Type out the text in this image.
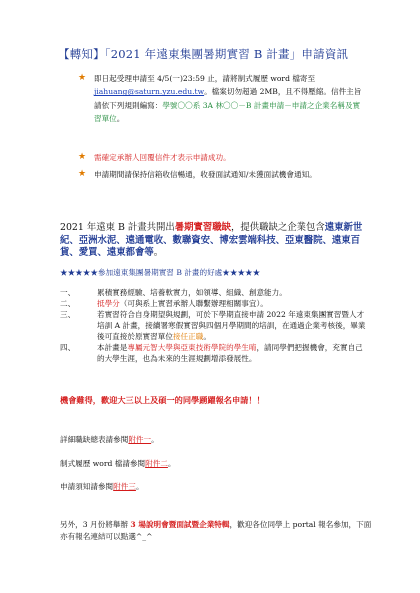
【轉知】「2021 年遠東集團暑期實習 B 計畫」申請資訊
★ 即日起受理申請至 4/5(一)23:59 止，請將制式履歷 word 檔寄至 jiahuang@saturn.yzu.edu.tw。檔案切勿超過 2MB，且不得壓縮。信件主旨請依下列規則編寫：學號〇〇系 3A 林〇〇－B 計畫申請－申請之企業名稱及實習單位。
★ 需確定承辦人回覆信件才表示申請成功。
★ 申請期間請保持信箱收信暢通，收發面試通知/未獲面試機會通知。
2021 年遠東 B 計畫共開出暑期實習職缺，提供職缺之企業包含遠東新世紀、亞洲水泥、遠通電收、數聯資安、博宏雲端科技、亞東醫院、遠東百貨、愛買、遠東都會等。
★★★★★參加遠東集團暑期實習 B 計畫的好處★★★★★
一、	累積實務經驗、培養軟實力，如領導、組織、創意能力。
二、	抵學分（可與系上實習承辦人聯繫辦理相關事宜）。
三、	若實習符合自身期望與規劃，可於下學期直接申請 2022 年遠東集團實習暨人才培訓 A 計畫，接續署寒假實習與四個月學期間的培訓，在通過企業考核後，畢業後可直接於原實習單位接任正職。
四、	本計畫是專屬元智大學與亞東技術學院的學生唷，請同學們把握機會，充實自己的大學生涯，也為未來的生涯規劃增添發展性。
機會難得，歡迎大三以上及碩一的同學踴躍報名申請！！
詳細職缺總表請參閱附件一。
制式履歷 word 檔請參閱附件二。
申請須知請參閱附件三。
另外，3 月份將舉辦 3 場說明會暨面試暨企業特輯，歡迎各位同學上 portal 報名參加，下面亦有報名連結可以點選^_^
